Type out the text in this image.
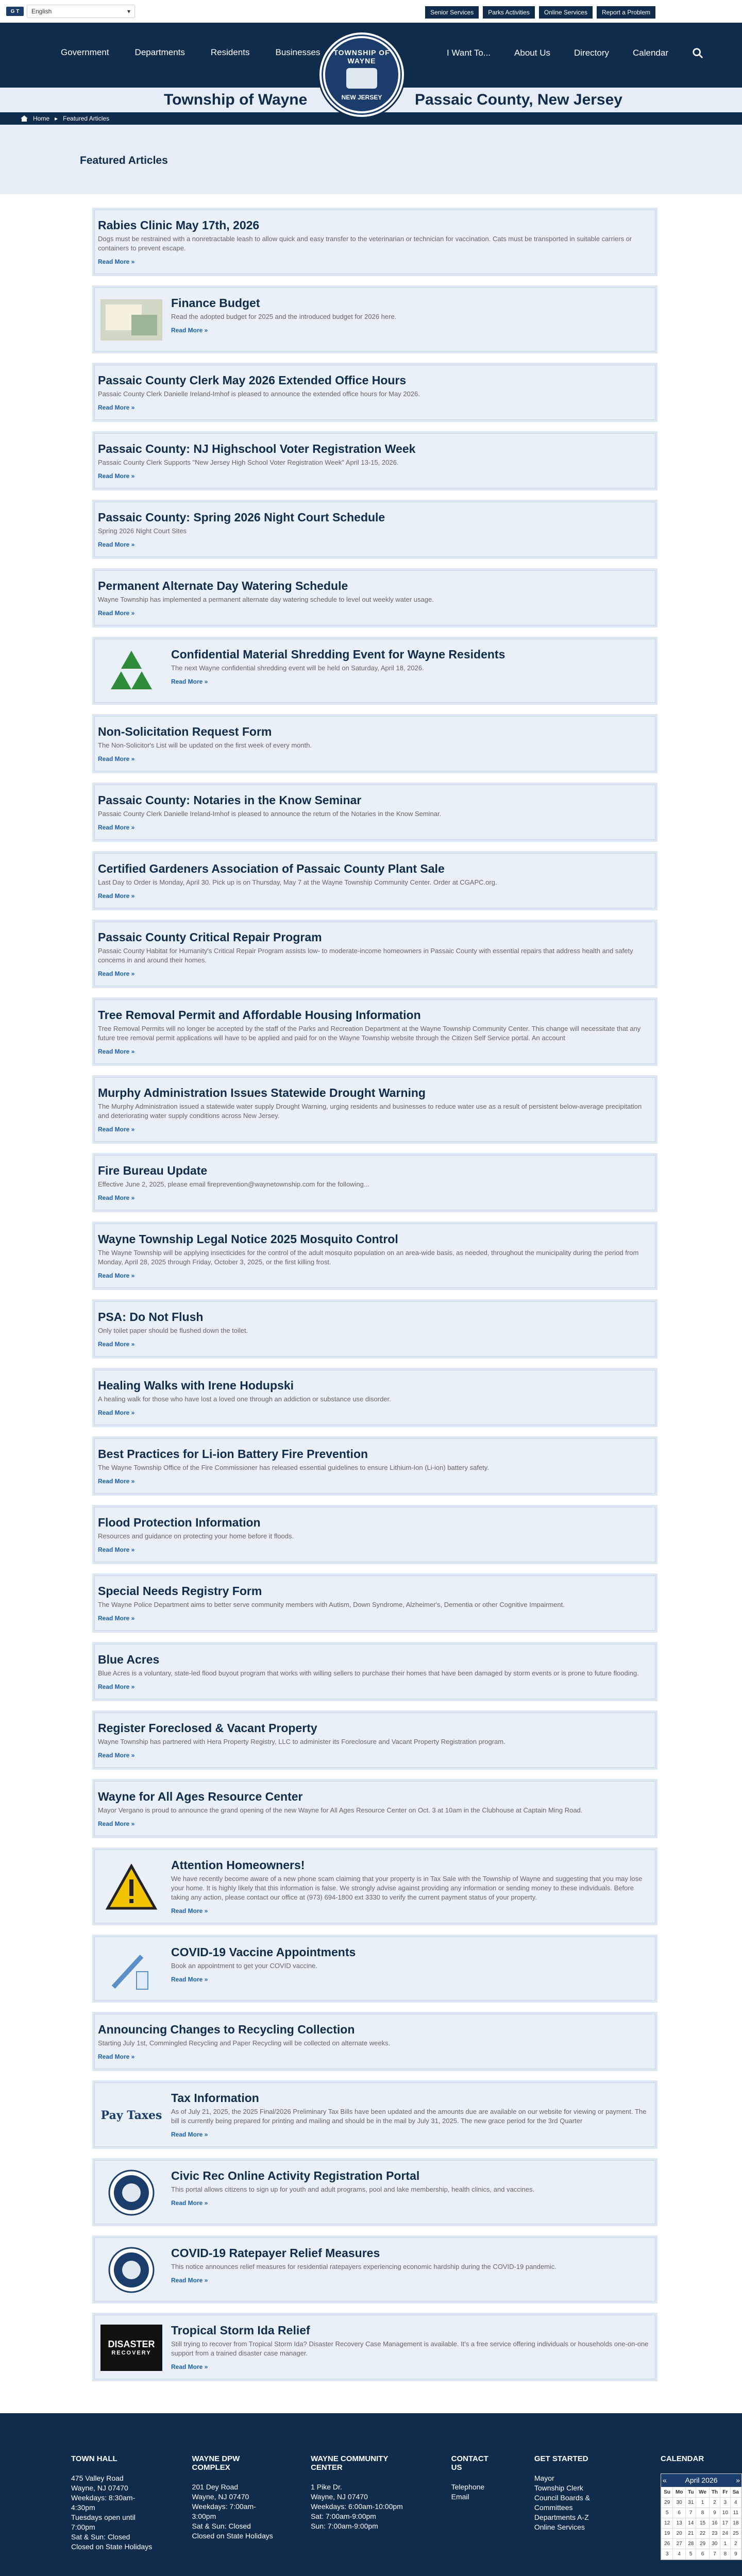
G T	English	▾	Senior Services	Parks Activities	Online Services	Report a Problem
Government	Departments	Residents	Businesses TOWNSHIP OF
WAYNE
NEW JERSEY
I Want To...	About Us	Directory	Calendar
Township of Wayne	Passaic County, New Jersey
Home ▸ Featured Articles
Featured Articles
Rabies Clinic May 17th, 2026

Dogs must be restrained with a nonretractable leash to allow quick and easy transfer to the veterinarian or technician for vaccination. Cats must be transported in suitable carriers or containers to prevent escape.

Read More »
Finance Budget

Read the adopted budget for 2025 and the introduced budget for 2026 here.

Read More »
Passaic County Clerk May 2026 Extended Office Hours

Passaic County Clerk Danielle Ireland-Imhof is pleased to announce the extended office hours for May 2026.

Read More »
Passaic County: NJ Highschool Voter Registration Week

Passaic County Clerk Supports "New Jersey High School Voter Registration Week" April 13-15, 2026.

Read More »
Passaic County: Spring 2026 Night Court Schedule

Spring 2026 Night Court Sites

Read More »
Permanent Alternate Day Watering Schedule

Wayne Township has implemented a permanent alternate day watering schedule to level out weekly water usage.

Read More »
Confidential Material Shredding Event for Wayne Residents

The next Wayne confidential shredding event will be held on Saturday, April 18, 2026.

Read More »
Non-Solicitation Request Form

The Non-Solicitor's List will be updated on the first week of every month.

Read More »
Passaic County: Notaries in the Know Seminar

Passaic County Clerk Danielle Ireland-Imhof is pleased to announce the return of the Notaries in the Know Seminar.

Read More »
Certified Gardeners Association of Passaic County Plant Sale

Last Day to Order is Monday, April 30. Pick up is on Thursday, May 7 at the Wayne Township Community Center. Order at CGAPC.org.

Read More »
Passaic County Critical Repair Program

Passaic County Habitat for Humanity's Critical Repair Program assists low- to moderate-income homeowners in Passaic County with essential repairs that address health and safety concerns in and around their homes.

Read More »
Tree Removal Permit and Affordable Housing Information

Tree Removal Permits will no longer be accepted by the staff of the Parks and Recreation Department at the Wayne Township Community Center. This change will necessitate that any future tree removal permit applications will have to be applied and paid for on the Wayne Township website through the Citizen Self Service portal. An account

Read More »
Murphy Administration Issues Statewide Drought Warning

The Murphy Administration issued a statewide water supply Drought Warning, urging residents and businesses to reduce water use as a result of persistent below-average precipitation and deteriorating water supply conditions across New Jersey.

Read More »
Fire Bureau Update

Effective June 2, 2025, please email fireprevention@waynetownship.com for the following...

Read More »
Wayne Township Legal Notice 2025 Mosquito Control

The Wayne Township will be applying insecticides for the control of the adult mosquito population on an area-wide basis, as needed, throughout the municipality during the period from Monday, April 28, 2025 through Friday, October 3, 2025, or the first killing frost.

Read More »
PSA: Do Not Flush

Only toilet paper should be flushed down the toilet.

Read More »
Healing Walks with Irene Hodupski

A healing walk for those who have lost a loved one through an addiction or substance use disorder.

Read More »
Best Practices for Li-ion Battery Fire Prevention

The Wayne Township Office of the Fire Commissioner has released essential guidelines to ensure Lithium-Ion (Li-ion) battery safety.

Read More »
Flood Protection Information

Resources and guidance on protecting your home before it floods.

Read More »
Special Needs Registry Form

The Wayne Police Department aims to better serve community members with Autism, Down Syndrome, Alzheimer's, Dementia or other Cognitive Impairment.

Read More »
Blue Acres

Blue Acres is a voluntary, state-led flood buyout program that works with willing sellers to purchase their homes that have been damaged by storm events or is prone to future flooding.

Read More »
Register Foreclosed & Vacant Property

Wayne Township has partnered with Hera Property Registry, LLC to administer its Foreclosure and Vacant Property Registration program.

Read More »
Wayne for All Ages Resource Center

Mayor Vergano is proud to announce the grand opening of the new Wayne for All Ages Resource Center on Oct. 3 at 10am in the Clubhouse at Captain Ming Road.

Read More »
Attention Homeowners!

We have recently become aware of a new phone scam claiming that your property is in Tax Sale with the Township of Wayne and suggesting that you may lose your home. It is highly likely that this information is false. We strongly advise against providing any information or sending money to these individuals. Before taking any action, please contact our office at (973) 694-1800 ext 3330 to verify the current payment status of your property.

Read More »
COVID-19 Vaccine Appointments

Book an appointment to get your COVID vaccine.

Read More »
Announcing Changes to Recycling Collection

Starting July 1st, Commingled Recycling and Paper Recycling will be collected on alternate weeks.

Read More »
Pay Taxes
Tax Information

As of July 21, 2025, the 2025 Final/2026 Preliminary Tax Bills have been updated and the amounts due are available on our website for viewing or payment. The bill is currently being prepared for printing and mailing and should be in the mail by July 31, 2025. The new grace period for the 3rd Quarter

Read More »
Civic Rec Online Activity Registration Portal

This portal allows citizens to sign up for youth and adult programs, pool and lake membership, health clinics, and vaccines.

Read More »
COVID-19 Ratepayer Relief Measures

This notice announces relief measures for residential ratepayers experiencing economic hardship during the COVID-19 pandemic.

Read More »
DISASTER
RECOVERY
Tropical Storm Ida Relief

Still trying to recover from Tropical Storm Ida? Disaster Recovery Case Management is available. It's a free service offering individuals or households one-on-one support from a trained disaster case manager.

Read More »
TOWN HALL
475 Valley Road
Wayne, NJ 07470
Weekdays: 8:30am-4:30pm
Tuesdays open until 7:00pm
Sat & Sun: Closed
Closed on State Holidays
WAYNE DPW COMPLEX
201 Dey Road
Wayne, NJ 07470
Weekdays: 7:00am-3:00pm
Sat & Sun: Closed
Closed on State Holidays
WAYNE COMMUNITY CENTER
1 Pike Dr.
Wayne, NJ 07470
Weekdays: 6:00am-10:00pm
Sat: 7:00am-9:00pm
Sun: 7:00am-9:00pm
CONTACT US
Telephone
Email
GET STARTED
Mayor
Township Clerk
Council Boards & Committees
Departments A-Z
Online Services
CALENDAR
«	April 2026	»
Su	Mo	Tu	We	Th	Fr	Sa
29	30	31	1	2	3	4
5	6	7	8	9	10	11
12	13	14	15	16	17	18
19	20	21	22	23	24	25
26	27	28	29	30	1	2
3	4	5	6	7	8	9
